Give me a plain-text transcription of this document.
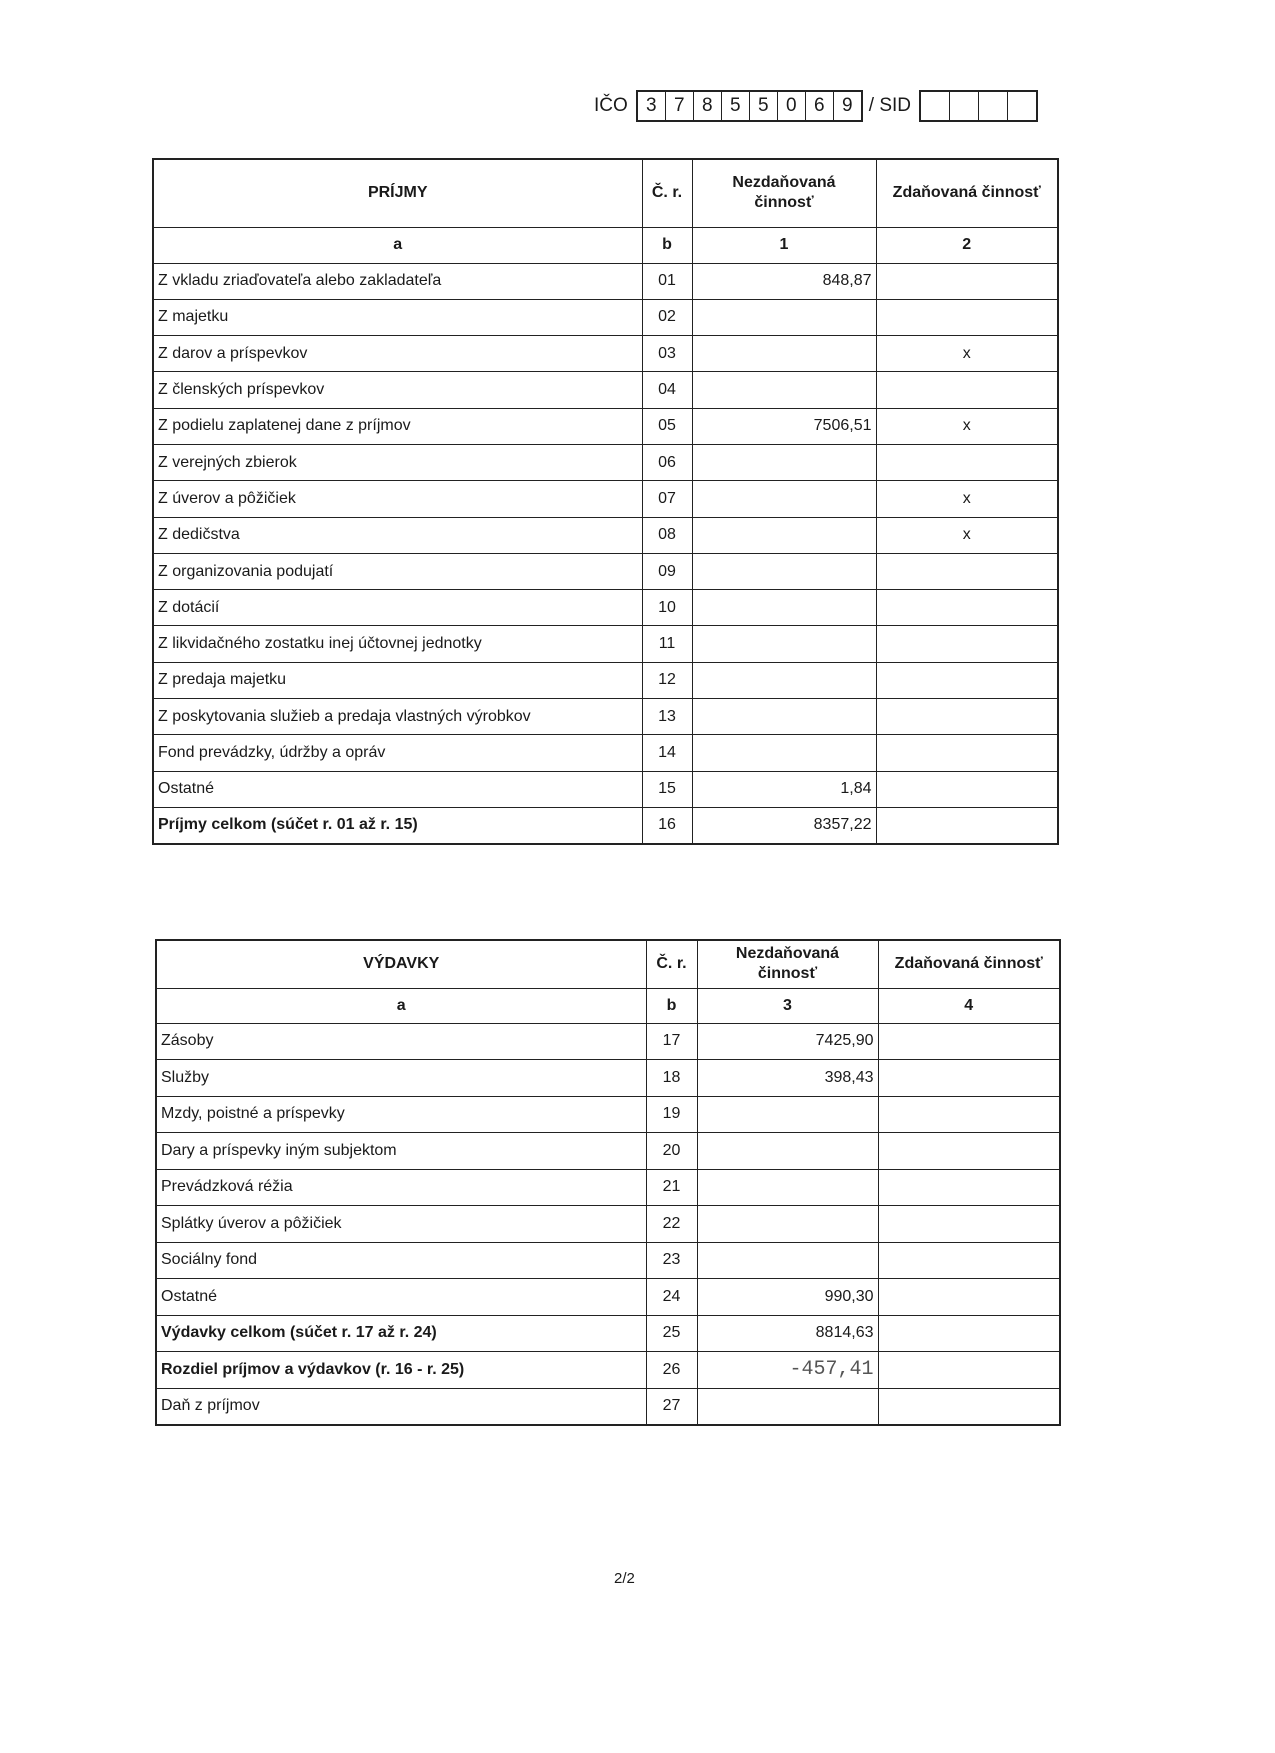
IČO 3 7 8 5 5 0 6 9 / SID
PRÍJMY	Č. r.	Nezdaňovaná činnosť	Zdaňovaná činnosť
a	b	1	2
Z vkladu zriaďovateľa alebo zakladateľa	01	848,87	
Z majetku	02		
Z darov a príspevkov	03		x
Z členských príspevkov	04		
Z podielu zaplatenej dane z príjmov	05	7506,51	x
Z verejných zbierok	06		
Z úverov a pôžičiek	07		x
Z dedičstva	08		x
Z organizovania podujatí	09		
Z dotácií	10		
Z likvidačného zostatku inej účtovnej jednotky	11		
Z predaja majetku	12		
Z poskytovania služieb a predaja vlastných výrobkov	13		
Fond prevádzky, údržby a opráv	14		
Ostatné	15	1,84	
Príjmy celkom (súčet r. 01 až r. 15)	16	8357,22	
VÝDAVKY	Č. r.	Nezdaňovaná činnosť	Zdaňovaná činnosť
a	b	3	4
Zásoby	17	7425,90	
Služby	18	398,43	
Mzdy, poistné a príspevky	19		
Dary a príspevky iným subjektom	20		
Prevádzková réžia	21		
Splátky úverov a pôžičiek	22		
Sociálny fond	23		
Ostatné	24	990,30	
Výdavky celkom (súčet r. 17 až r. 24)	25	8814,63	
Rozdiel príjmov a výdavkov (r. 16 - r. 25)	26	-457,41	
Daň z príjmov	27		
2/2
